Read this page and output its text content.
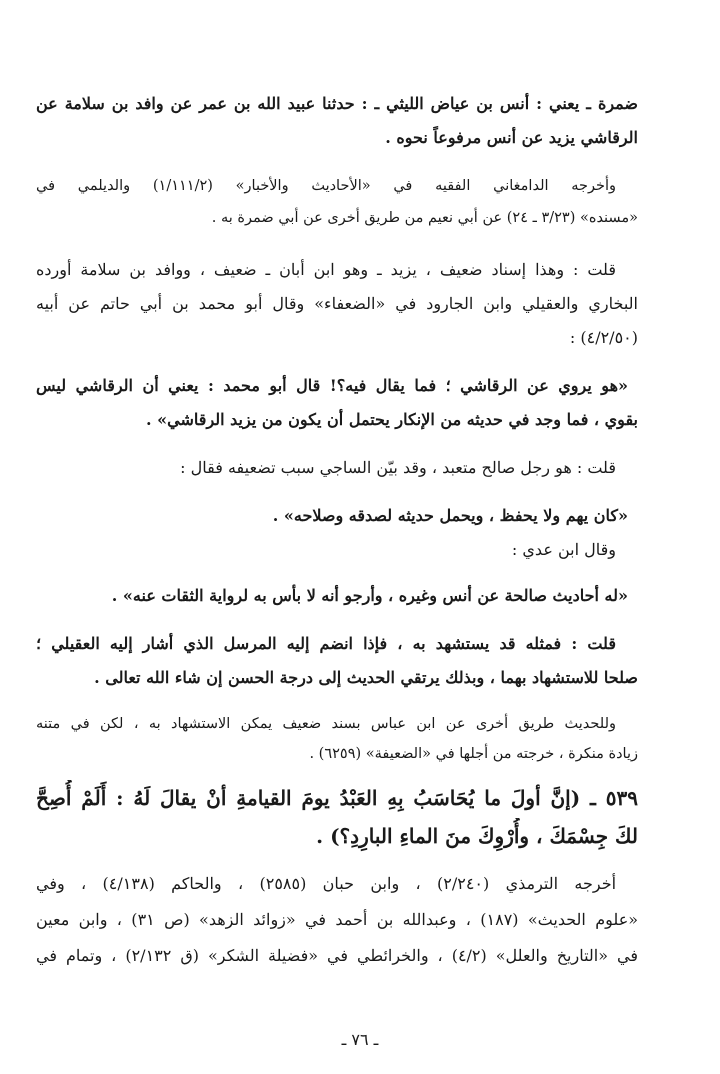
ضمرة ـ يعني : أنس بن عياض الليثي ـ : حدثنا عبيد الله بن عمر عن وافد بن سلامة عن
الرقاشي يزيد عن أنس مرفوعاً نحوه .
وأخرجه الدامغاني الفقيه في «الأحاديث والأخبار» (١/١١١/٢) والديلمي في
«مسنده» (٣/٢٣ ـ ٢٤) عن أبي نعيم من طريق أخرى عن أبي ضمرة به .
قلت : وهذا إسناد ضعيف ، يزيد ـ وهو ابن أبان ـ ضعيف ، ووافد بن سلامة أورده
البخاري والعقيلي وابن الجارود في «الضعفاء» وقال أبو محمد بن أبي حاتم عن أبيه
(٤/٢/٥٠) :
«هو يروي عن الرقاشي ؛ فما يقال فيه؟! قال أبو محمد : يعني أن الرقاشي ليس
بقوي ، فما وجد في حديثه من الإنكار يحتمل أن يكون من يزيد الرقاشي» .
قلت : هو رجل صالح متعبد ، وقد بيّن الساجي سبب تضعيفه فقال :
«كان يهم ولا يحفظ ، ويحمل حديثه لصدقه وصلاحه» .
وقال ابن عدي :
«له أحاديث صالحة عن أنس وغيره ، وأرجو أنه لا بأس به لرواية الثقات عنه» .
قلت : فمثله قد يستشهد به ، فإذا انضم إليه المرسل الذي أشار إليه العقيلي ؛
صلحا للاستشهاد بهما ، وبذلك يرتقي الحديث إلى درجة الحسن إن شاء الله تعالى .
وللحديث طريق أخرى عن ابن عباس بسند ضعيف يمكن الاستشهاد به ، لكن في متنه
زيادة منكرة ، خرجته من أجلها في «الضعيفة» (٦٢٥٩) .
٥٣٩ ـ (إنَّ أولَ ما يُحَاسَبُ بِهِ العَبْدُ يومَ القيامةِ أنْ يقالَ لَهُ : أَلَمْ أُصِحَّ
لكَ جِسْمَكَ ، وأُرْوِكَ منَ الماءِ البارِدِ؟) .
أخرجه الترمذي (٢/٢٤٠) ، وابن حبان (٢٥٨٥) ، والحاكم (٤/١٣٨) ، وفي
«علوم الحديث» (١٨٧) ، وعبدالله بن أحمد في «زوائد الزهد» (ص ٣١) ، وابن معين
في «التاريخ والعلل» (٤/٢) ، والخرائطي في «فضيلة الشكر» (ق ٢/١٣٢) ، وتمام في
ـ ٧٦ ـ
